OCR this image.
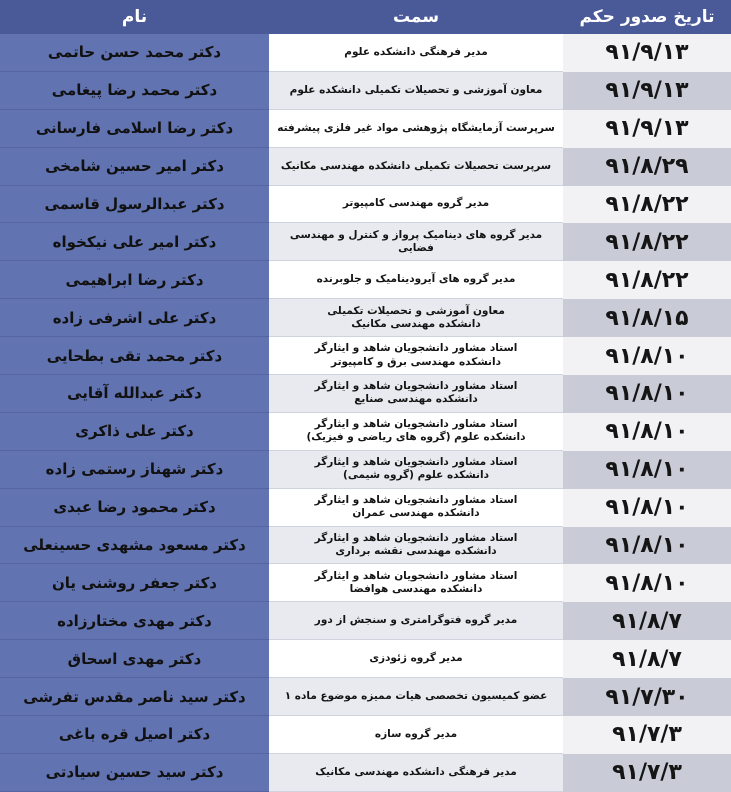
تاریخ صدور حکم
سمت
نام
۹۱/۹/۱۳
مدیر فرهنگی دانشکده علوم
دکتر محمد حسن حاتمی
۹۱/۹/۱۳
معاون آموزشی و تحصیلات تکمیلی دانشکده علوم
دکتر محمد رضا پیغامی
۹۱/۹/۱۳
سرپرست آزمایشگاه پژوهشی مواد غیر فلزی پیشرفته
دکتر رضا اسلامی فارسانی
۹۱/۸/۲۹
سرپرست تحصیلات تکمیلی دانشکده مهندسی مکانیک
دکتر امیر حسین شامخی
۹۱/۸/۲۲
مدیر گروه مهندسی کامپیوتر
دکتر عبدالرسول قاسمی
۹۱/۸/۲۲
مدیر گروه های دینامیک پرواز و کنترل و مهندسی فضایی
دکتر امیر علی نیکخواه
۹۱/۸/۲۲
مدیر گروه های آیرودینامیک و جلوبرنده
دکتر رضا ابراهیمی
۹۱/۸/۱۵
معاون آموزشی و تحصیلات تکمیلی
دانشکده مهندسی مکانیک
دکتر علی اشرفی زاده
۹۱/۸/۱۰
استاد مشاور دانشجویان شاهد و ایثارگر
دانشکده مهندسی برق و کامپیوتر
دکتر محمد تقی بطحایی
۹۱/۸/۱۰
استاد مشاور دانشجویان شاهد و ایثارگر
دانشکده مهندسی صنایع
دکتر عبدالله آقایی
۹۱/۸/۱۰
استاد مشاور دانشجویان شاهد و ایثارگر
دانشکده علوم (گروه های ریاضی و فیزیک)
دکتر علی ذاکری
۹۱/۸/۱۰
استاد مشاور دانشجویان شاهد و ایثارگر
دانشکده علوم (گروه شیمی)
دکتر شهناز رستمی زاده
۹۱/۸/۱۰
استاد مشاور دانشجویان شاهد و ایثارگر
دانشکده مهندسی عمران
دکتر محمود رضا عبدی
۹۱/۸/۱۰
استاد مشاور دانشجویان شاهد و ایثارگر
دانشکده مهندسی نقشه برداری
دکتر مسعود مشهدی حسینعلی
۹۱/۸/۱۰
استاد مشاور دانشجویان شاهد و ایثارگر
دانشکده مهندسی هوافضا
دکتر جعفر روشنی یان
۹۱/۸/۷
مدیر گروه فتوگرامتری و سنجش از دور
دکتر مهدی مختارزاده
۹۱/۸/۷
مدیر گروه ژئودزی
دکتر مهدی اسحاق
۹۱/۷/۳۰
عضو کمیسیون تخصصی هیات ممیزه موضوع ماده ۱
دکتر سید ناصر مقدس تفرشی
۹۱/۷/۳
مدیر گروه سازه
دکتر اصیل قره باغی
۹۱/۷/۳
مدیر فرهنگی دانشکده مهندسی مکانیک
دکتر سید حسین سیادتی
